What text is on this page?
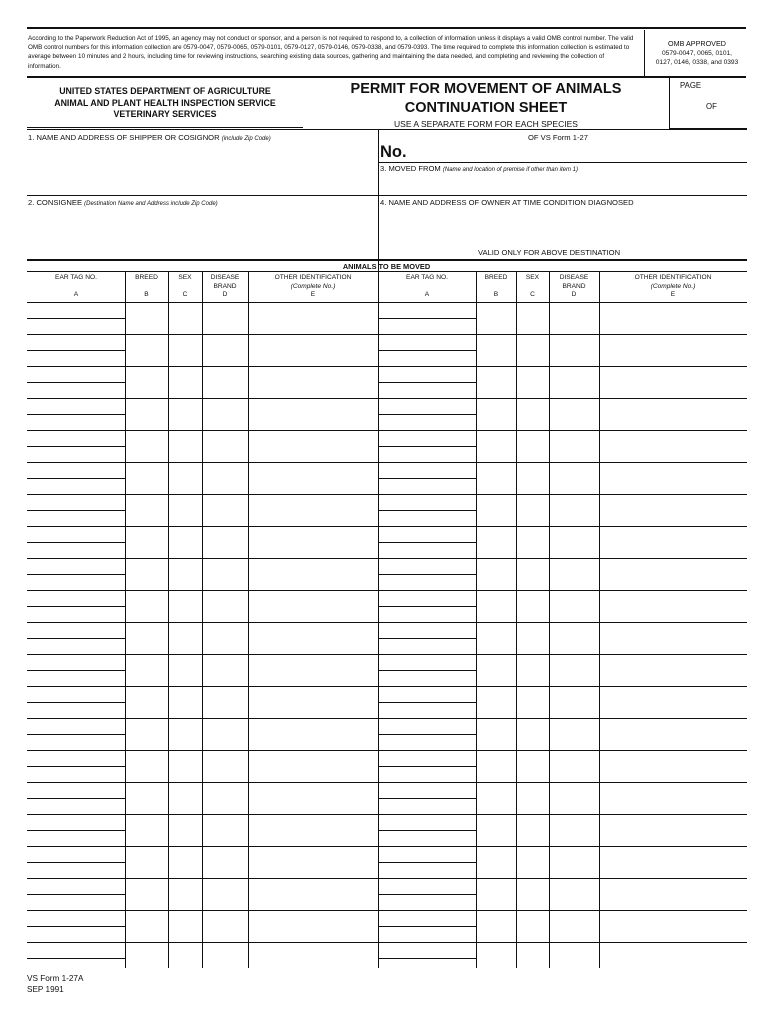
According to the Paperwork Reduction Act of 1995, an agency may not conduct or sponsor, and a person is not required to respond to, a collection of information unless it displays a valid OMB control number. The valid OMB control numbers for this information collection are 0579-0047, 0579-0065, 0579-0101, 0579-0127, 0579-0146, 0579-0338, and 0579-0393. The time required to complete this information collection is estimated to average between 10 minutes and 2 hours, including time for reviewing instructions, searching existing data sources, gathering and maintaining the data needed, and completing and reviewing the collection of information.
OMB APPROVED
0579-0047, 0065, 0101,
0127, 0146, 0338, and 0393
UNITED STATES DEPARTMENT OF AGRICULTURE
ANIMAL AND PLANT HEALTH INSPECTION SERVICE
VETERINARY SERVICES
PERMIT FOR MOVEMENT OF ANIMALS
CONTINUATION SHEET
USE A SEPARATE FORM FOR EACH SPECIES
PAGE
OF
1. NAME AND ADDRESS OF SHIPPER OR COSIGNOR (include Zip Code)	OF VS Form 1-27
No.
3. MOVED FROM (Name and location of premise if other than item 1)
2. CONSIGNEE (Destination Name and Address include Zip Code)	4. NAME AND ADDRESS OF OWNER AT TIME CONDITION DIAGNOSED
VALID ONLY FOR ABOVE DESTINATION
ANIMALS TO BE MOVED
EAR TAG NO.

A
BREED

B
SEX

C
DISEASE
BRAND
D
OTHER IDENTIFICATION
(Complete No.)
E
EAR TAG NO.

A
BREED

B
SEX

C
DISEASE
BRAND
D
OTHER IDENTIFICATION
(Complete No.)
E
VS Form 1-27A
SEP 1991
